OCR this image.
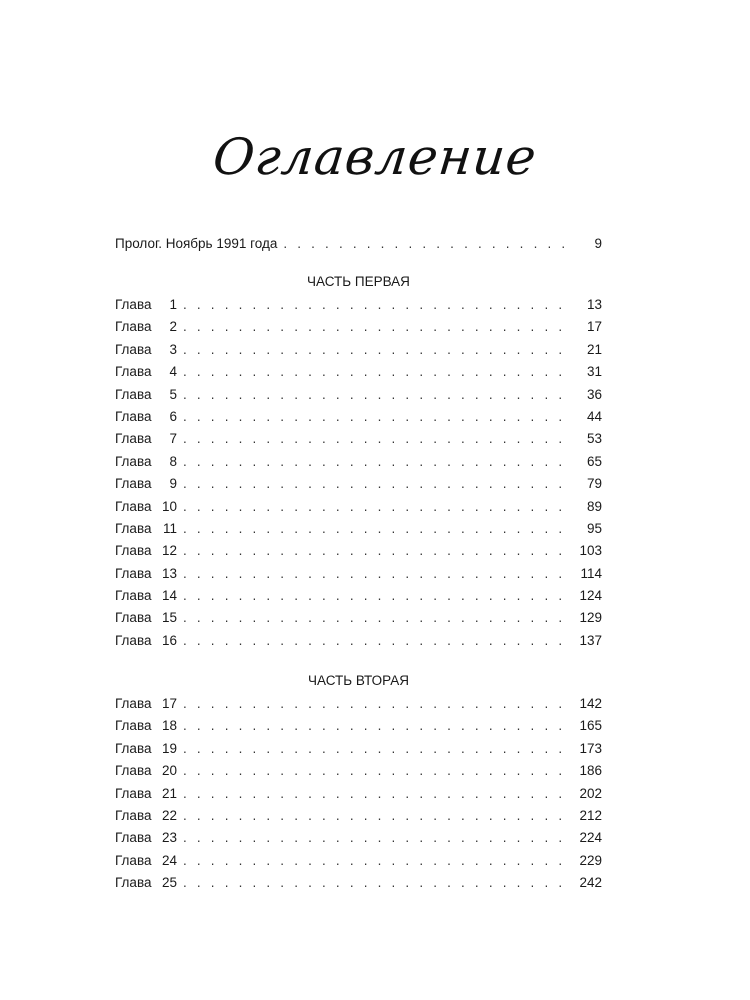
Оглавление
Пролог. Ноябрь 1991 года . . .	9
ЧАСТЬ ПЕРВАЯ
Глава 1 . . .	13
Глава 2 . . .	17
Глава 3 . . .	21
Глава 4 . . .	31
Глава 5 . . .	36
Глава 6 . . .	44
Глава 7 . . .	53
Глава 8 . . .	65
Глава 9 . . .	79
Глава 10 . . .	89
Глава 11 . . .	95
Глава 12 . . .	103
Глава 13 . . .	114
Глава 14 . . .	124
Глава 15 . . .	129
Глава 16 . . .	137
ЧАСТЬ ВТОРАЯ
Глава 17 . . .	142
Глава 18 . . .	165
Глава 19 . . .	173
Глава 20 . . .	186
Глава 21 . . .	202
Глава 22 . . .	212
Глава 23 . . .	224
Глава 24 . . .	229
Глава 25 . . .	242
